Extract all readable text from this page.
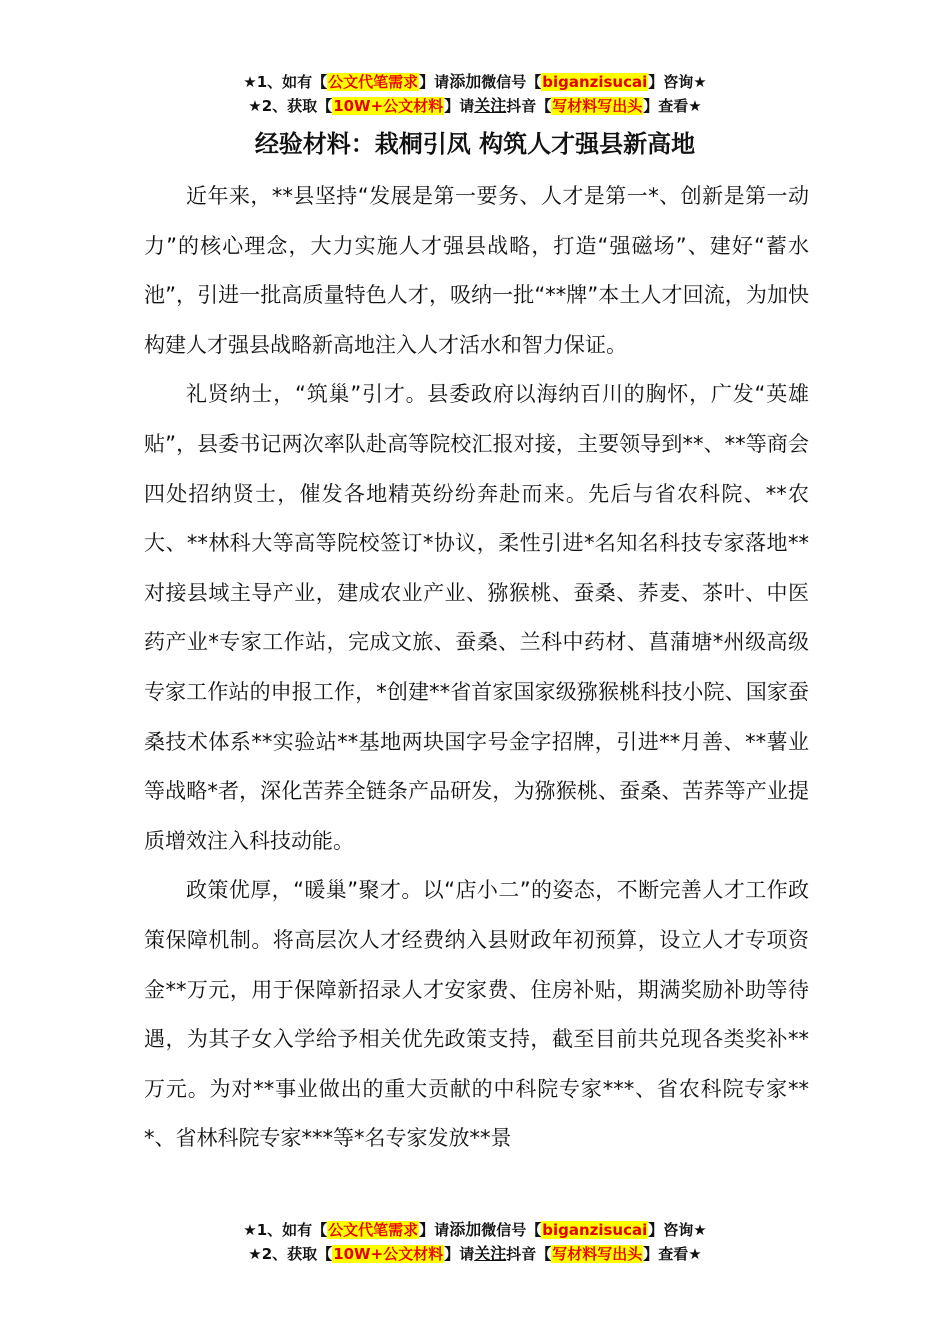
★1、如有【公文代笔需求】请添加微信号【biganzisucai】咨询★
★2、获取【10W+公文材料】请关注抖音【写材料写出头】查看★
经验材料：栽桐引凤 构筑人才强县新高地

近年来，**县坚持“发展是第一要务、人才是第一*、创新是第一动力”的核心理念，大力实施人才强县战略，打造“强磁场”、建好“蓄水池”，引进一批高质量特色人才，吸纳一批“**牌”本土人才回流，为加快构建人才强县战略新高地注入人才活水和智力保证。

礼贤纳士，“筑巢”引才。县委政府以海纳百川的胸怀，广发“英雄贴”，县委书记两次率队赴高等院校汇报对接，主要领导到**、**等商会四处招纳贤士，催发各地精英纷纷奔赴而来。先后与省农科院、**农大、**林科大等高等院校签订*协议，柔性引进*名知名科技专家落地**对接县域主导产业，建成农业产业、猕猴桃、蚕桑、荞麦、茶叶、中医药产业*专家工作站，完成文旅、蚕桑、兰科中药材、菖蒲塘*州级高级专家工作站的申报工作，*创建**省首家国家级猕猴桃科技小院、国家蚕桑技术体系**实验站**基地两块国字号金字招牌，引进**月善、**薯业等战略*者，深化苦荞全链条产品研发，为猕猴桃、蚕桑、苦荞等产业提质增效注入科技动能。

政策优厚，“暖巢”聚才。以“店小二”的姿态，不断完善人才工作政策保障机制。将高层次人才经费纳入县财政年初预算，设立人才专项资金**万元，用于保障新招录人才安家费、住房补贴，期满奖励补助等待遇，为其子女入学给予相关优先政策支持，截至目前共兑现各类奖补**万元。为对**事业做出的重大贡献的中科院专家***、省农科院专家***、省林科院专家***等*名专家发放**景

★1、如有【公文代笔需求】请添加微信号【biganzisucai】咨询★
★2、获取【10W+公文材料】请关注抖音【写材料写出头】查看★
